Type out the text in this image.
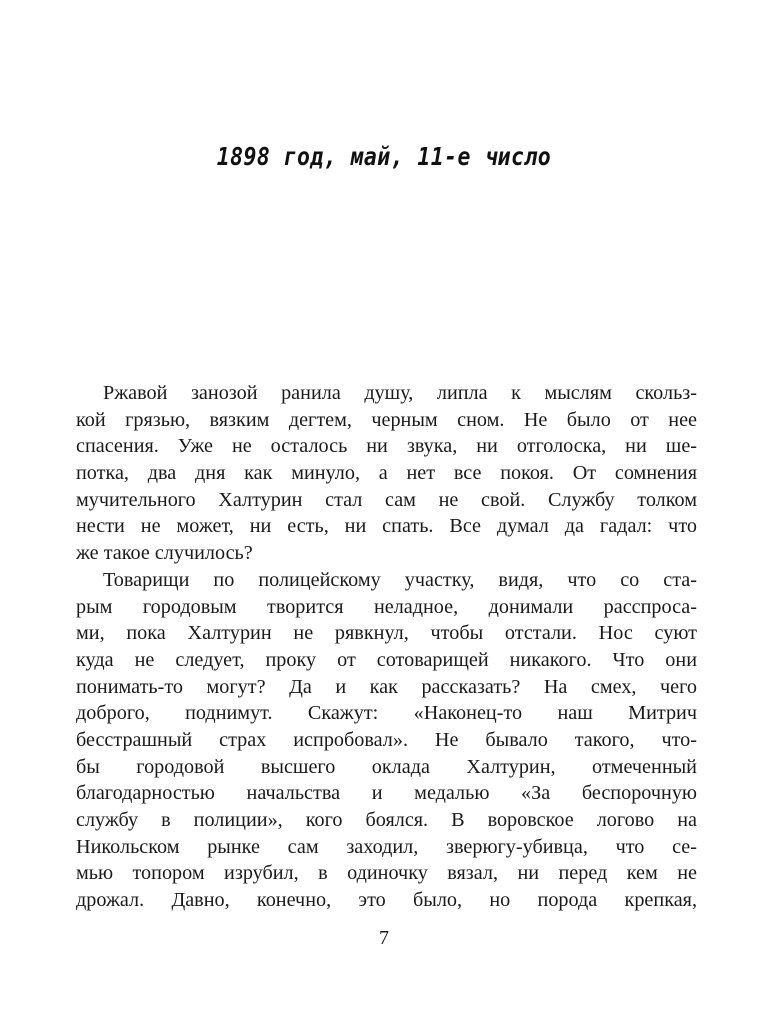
1898 год, май, 11-е число
Ржавой занозой ранила душу, липла к мыслям скольз-
кой грязью, вязким дегтем, черным сном. Не было от нее
спасения. Уже не осталось ни звука, ни отголоска, ни ше-
потка, два дня как минуло, а нет все покоя. От сомнения
мучительного Халтурин стал сам не свой. Службу толком
нести не может, ни есть, ни спать. Все думал да гадал: что
же такое случилось?
Товарищи по полицейскому участку, видя, что со ста-
рым городовым творится неладное, донимали расспроса-
ми, пока Халтурин не рявкнул, чтобы отстали. Нос суют
куда не следует, проку от сотоварищей никакого. Что они
понимать-то могут? Да и как рассказать? На смех, чего
доброго, поднимут. Скажут: «Наконец-то наш Митрич
бесстрашный страх испробовал». Не бывало такого, что-
бы городовой высшего оклада Халтурин, отмеченный
благодарностью начальства и медалью «За беспорочную
службу в полиции», кого боялся. В воровское логово на
Никольском рынке сам заходил, зверюгу-убивца, что се-
мью топором изрубил, в одиночку вязал, ни перед кем не
дрожал. Давно, конечно, это было, но порода крепкая,
7
